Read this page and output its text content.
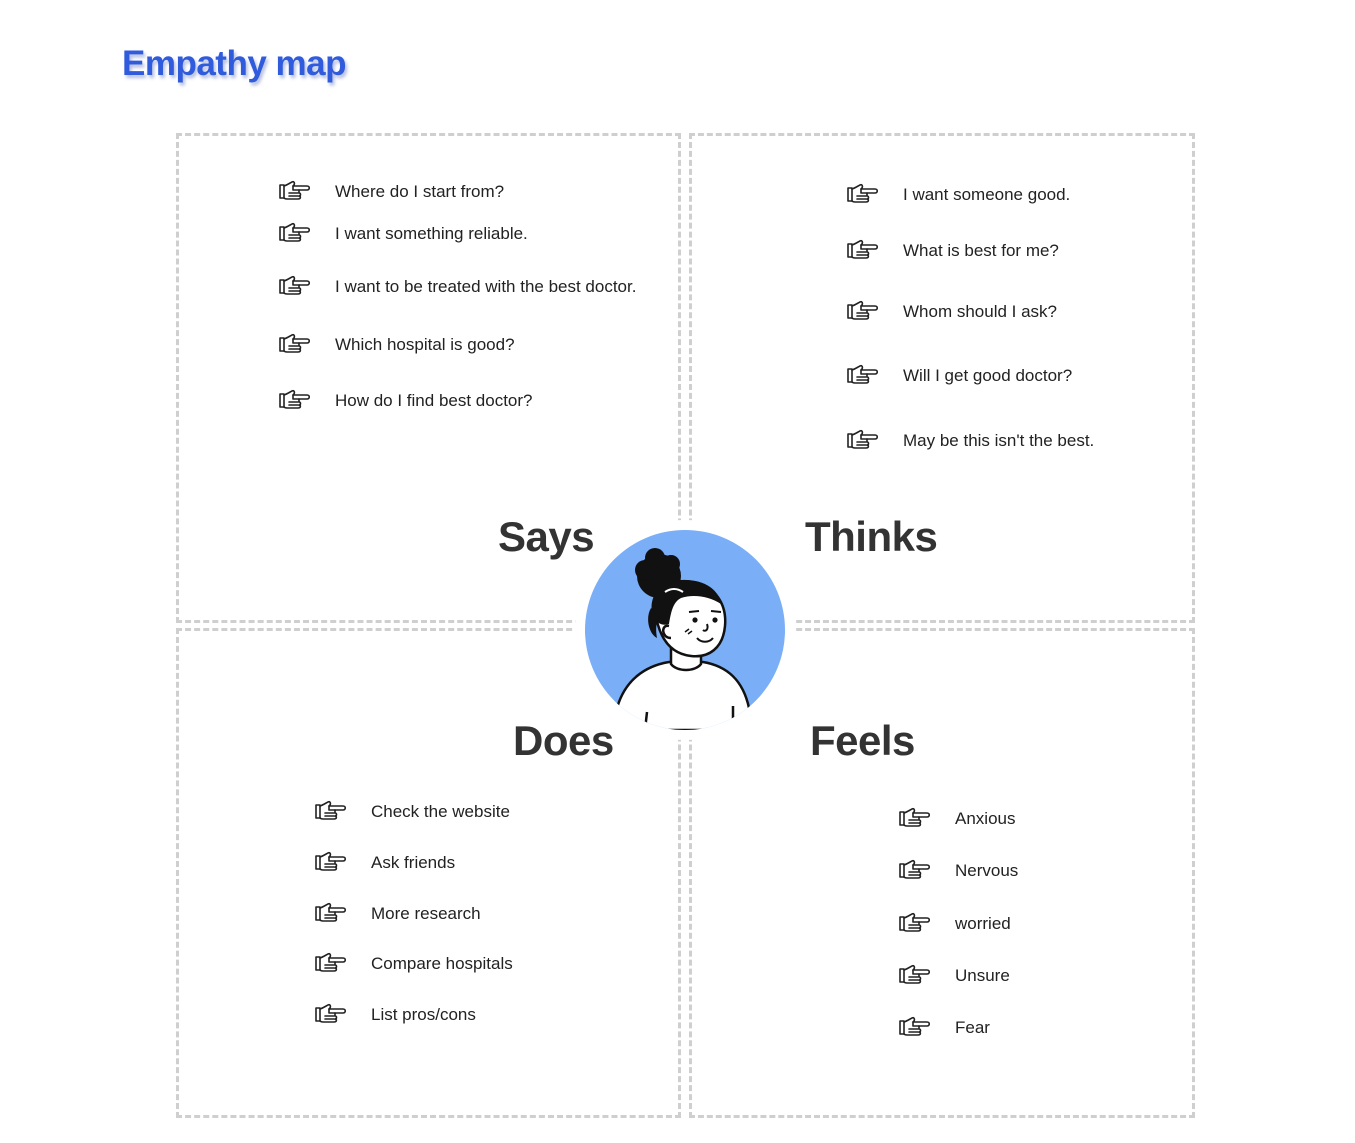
Empathy map
Says	Thinks
Does	Feels
Where do I start from?
I want something reliable.
I want to be treated with the best doctor.
Which hospital is good?
How do I find best doctor?
I want someone good.
What is best for me?
Whom should I ask?
Will I get good doctor?
May be this isn't the best.
Check the website
Ask friends
More research
Compare hospitals
List pros/cons
Anxious
Nervous
worried
Unsure
Fear
